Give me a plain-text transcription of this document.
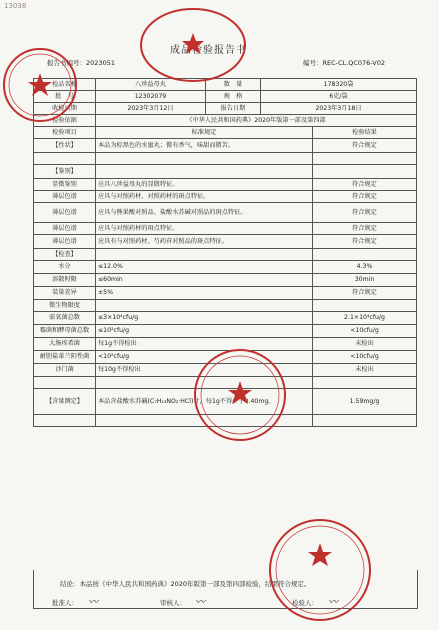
13038
成品检验报告书
报告书编号：2023051	编号：REC-CL.QC076-V02
检品名称	八珍益母丸	数　量	178320袋	
批　号	12302079	规　格	6克/袋	
收检日期	2023年3月12日	报告日期	2023年3月18日	
检验依据	《中华人民共和国药典》2020年版第一部及第四部			
检验项目	标准规定			检验结果
【性状】	本品为棕黑色的水蜜丸；微有香气，味甜而微苦。			符合规定

【鉴别】				
显微鉴别	应具八珍益母丸的显微特征。			符合规定
薄层色谱	应具与对照药材、对照药材的斑点特征。			符合规定
薄层色谱	应具与熊果酸对照品、盐酸水苏碱对照品的斑点特征。			符合规定
薄层色谱	应具与对照药材的斑点特征。			符合规定
薄层色谱	应具有与对照药材、芍药苷对照品的斑点特征。			符合规定
【检查】				
水分	≤12.0%			4.3%
溶散时限	≤60min			30min
装量差异	±5%			符合规定
微生物限度				
需氧菌总数	≤3×10⁴cfu/g			2.1×10⁴cfu/g
霉菌和酵母菌总数	≤10²cfu/g			<10cfu/g
大肠埃希菌	每1g不得检出			未检出
耐胆盐革兰阴性菌	<10²cfu/g			<10cfu/g
沙门菌	每10g不得检出			未检出

【含量测定】	本品含盐酸水苏碱(C₇H₁₃NO₂·HCl)计，每1g不得少于0.40mg。			1.59mg/g

结论：本品按《中华人民共和国药典》2020年版第一部及第四部检验，结果符合规定。
批准人： 〰	审核人： 〰	检验人： 〰
